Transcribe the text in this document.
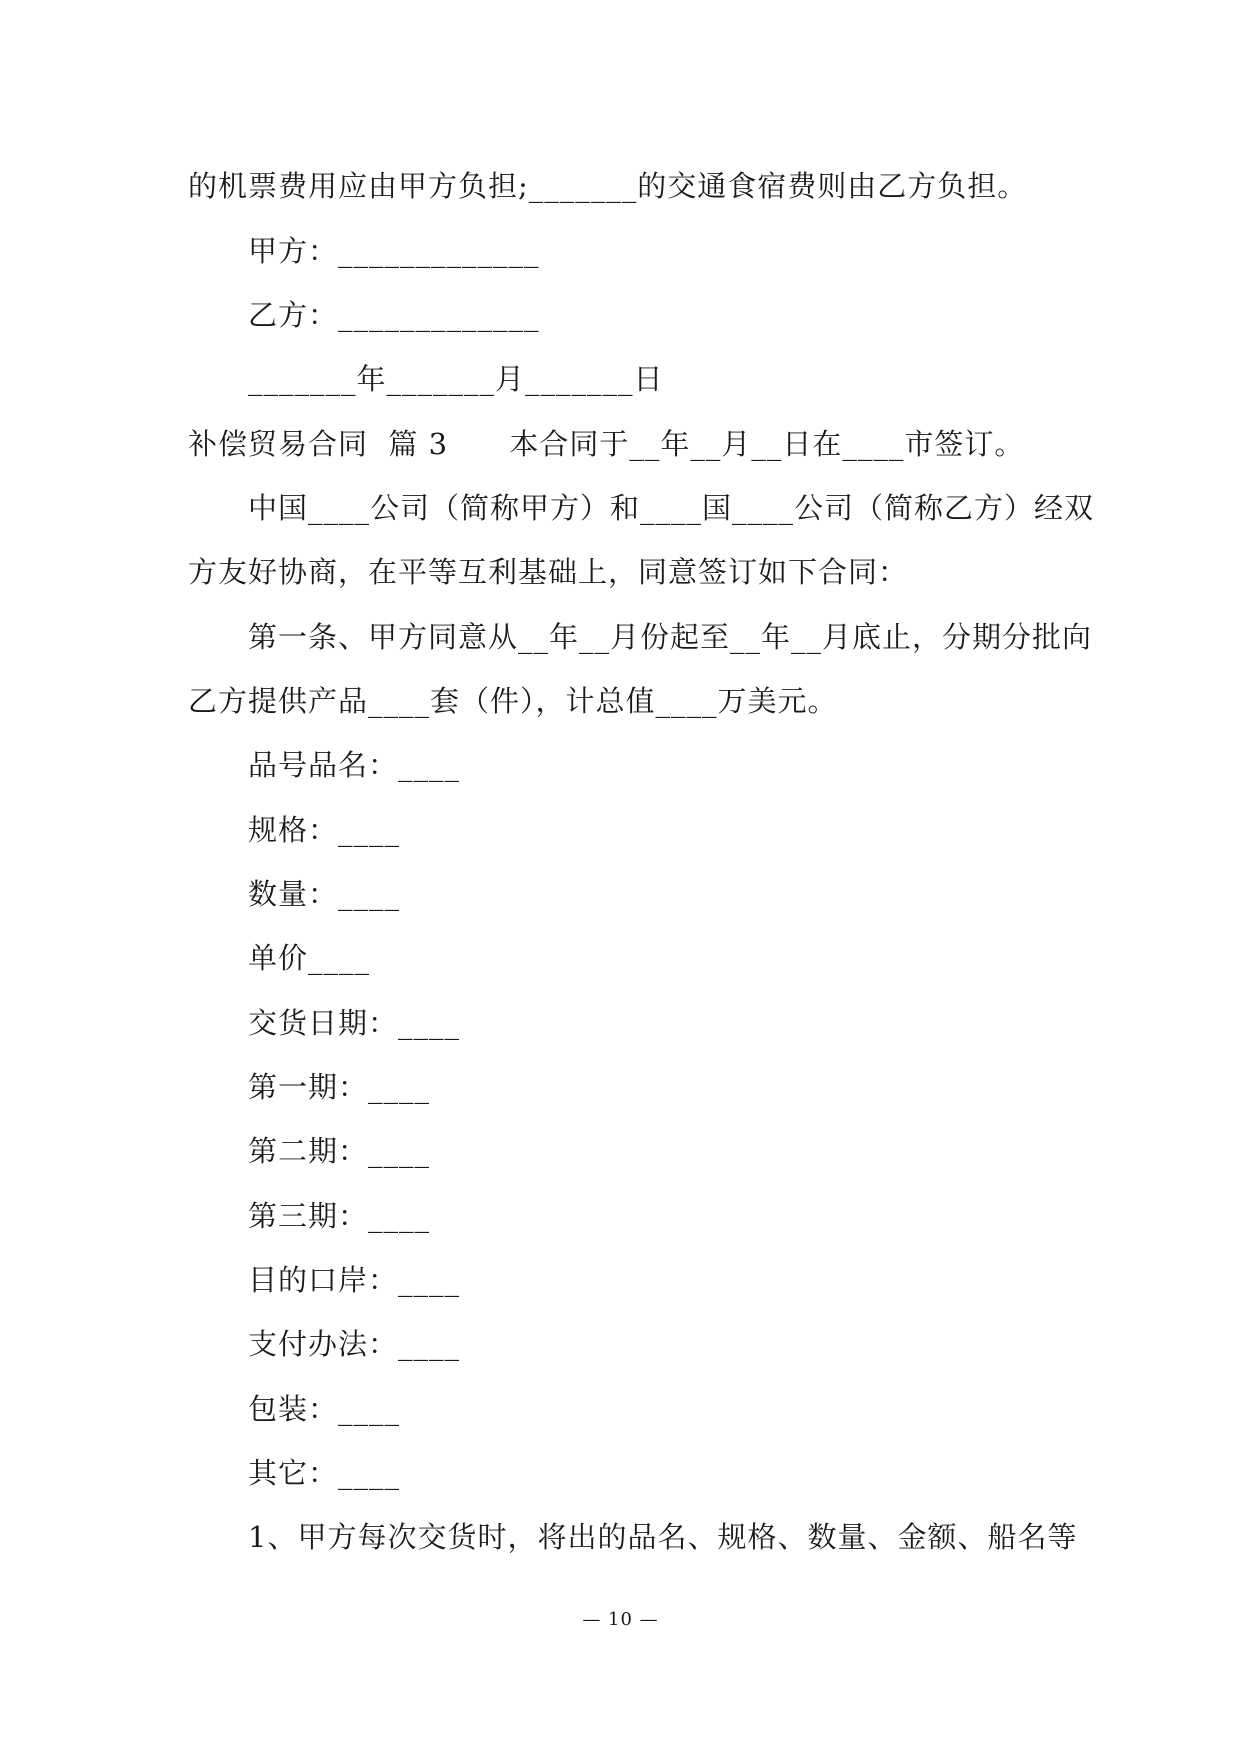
的机票费用应由甲方负担;_______的交通食宿费则由乙方负担。
甲方：_____________
乙方：_____________
_______年_______月_______日
补偿贸易合同  篇 3      本合同于__年__月__日在____市签订。
中国____公司（简称甲方）和____国____公司（简称乙方）经双
方友好协商，在平等互利基础上，同意签订如下合同：
第一条、甲方同意从__年__月份起至__年__月底止，分期分批向
乙方提供产品____套（件），计总值____万美元。
品号品名：____
规格：____
数量：____
单价____
交货日期：____
第一期：____
第二期：____
第三期：____
目的口岸：____
支付办法：____
包装：____
其它：____
1、甲方每次交货时，将出的品名、规格、数量、金额、船名等
— 10 —
